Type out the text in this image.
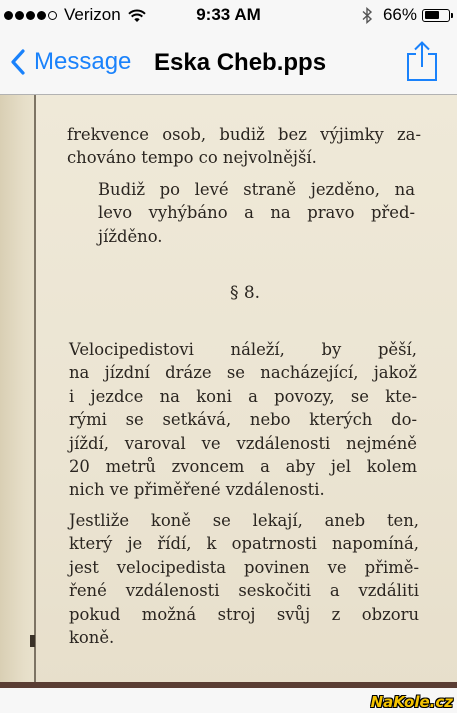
Verizon	9:33 AM	66%
Message Eska Cheb.pps
frekvence osob, budiž bez výjimky za-
chováno tempo co nejvolnější.
Budiž po levé straně jezděno, na
levo vyhýbáno a na pravo před-
jížděno.
§ 8.
Velocipedistovi náleží, by pěší,
na jízdní dráze se nacházející, jakož
i jezdce na koni a povozy, se kte-
rými se setkává, nebo kterých do-
jíždí, varoval ve vzdálenosti nejméně
20 metrů zvoncem a aby jel kolem
nich ve přiměřené vzdálenosti.
Jestliže koně se lekají, aneb ten,
který je řídí, k opatrnosti napomíná,
jest velocipedista povinen ve přimě-
řené vzdálenosti seskočiti a vzdáliti
pokud možná stroj svůj z obzoru
koně.
NaKole.cz
